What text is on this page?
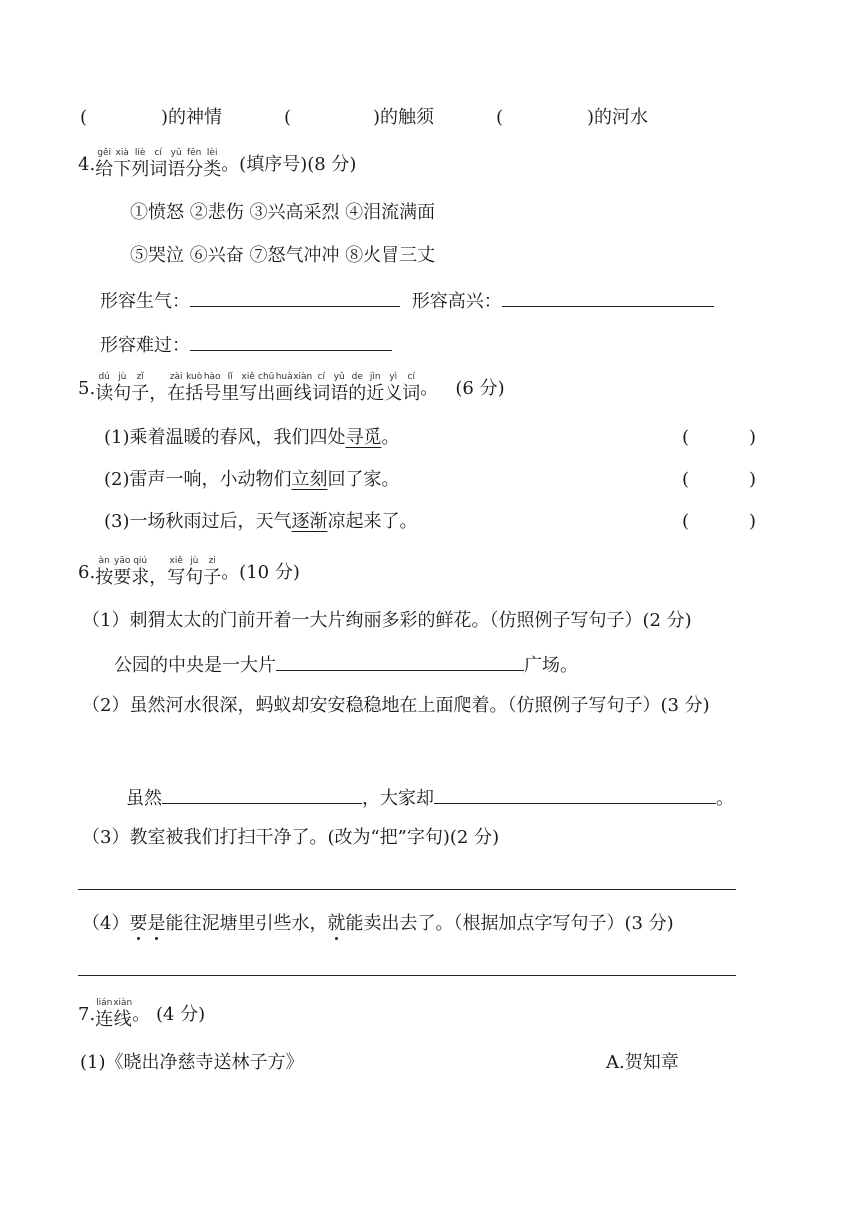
(	)的神情	(	)的触须	(	)的河水
4.
gěi
给
xià
下
liè
列
cí
词
yǔ
语
fēn
分
lèi
类 。(填序号)(8 分)
①愤怒 ②悲伤 ③兴高采烈 ④泪流满面
⑤哭泣 ⑥兴奋 ⑦怒气冲冲 ⑧火冒三丈
形容生气：	形容高兴：
形容难过：
5.
dú
读
jù
句
zǐ
子
，
zài
在
kuò
括
hào
号
lǐ
里
xiě
写
chū
出
huà
画
xiàn
线
cí
词
yǔ
语
de
的
jìn
近
yì
义
cí
词 。   (6 分)
(1)乘着温暖的春风，我们四处寻觅。	(	)
(2)雷声一响，小动物们立刻回了家。	(	)
(3)一场秋雨过后，天气逐渐凉起来了。	(	)
6.
àn
按
yāo
要
qiú
求
，
xiě
写
jù
句
zi
子 。(10 分)
（1）刺猬太太的门前开着一大片绚丽多彩的鲜花。（仿照例子写句子）(2 分)
公园的中央是一大片	广场。
（2）虽然河水很深，蚂蚁却安安稳稳地在上面爬着。（仿照例子写句子）(3 分)
虽然	，大家却	。
（3）教室被我们打扫干净了。(改为“把”字句)(2 分)
（4）要是能往泥塘里引些水，就能卖出去了。（根据加点字写句子）(3 分)
7.
lián
连
xiàn
线 。 (4 分)
(1)《晓出净慈寺送林子方》	A.贺知章
